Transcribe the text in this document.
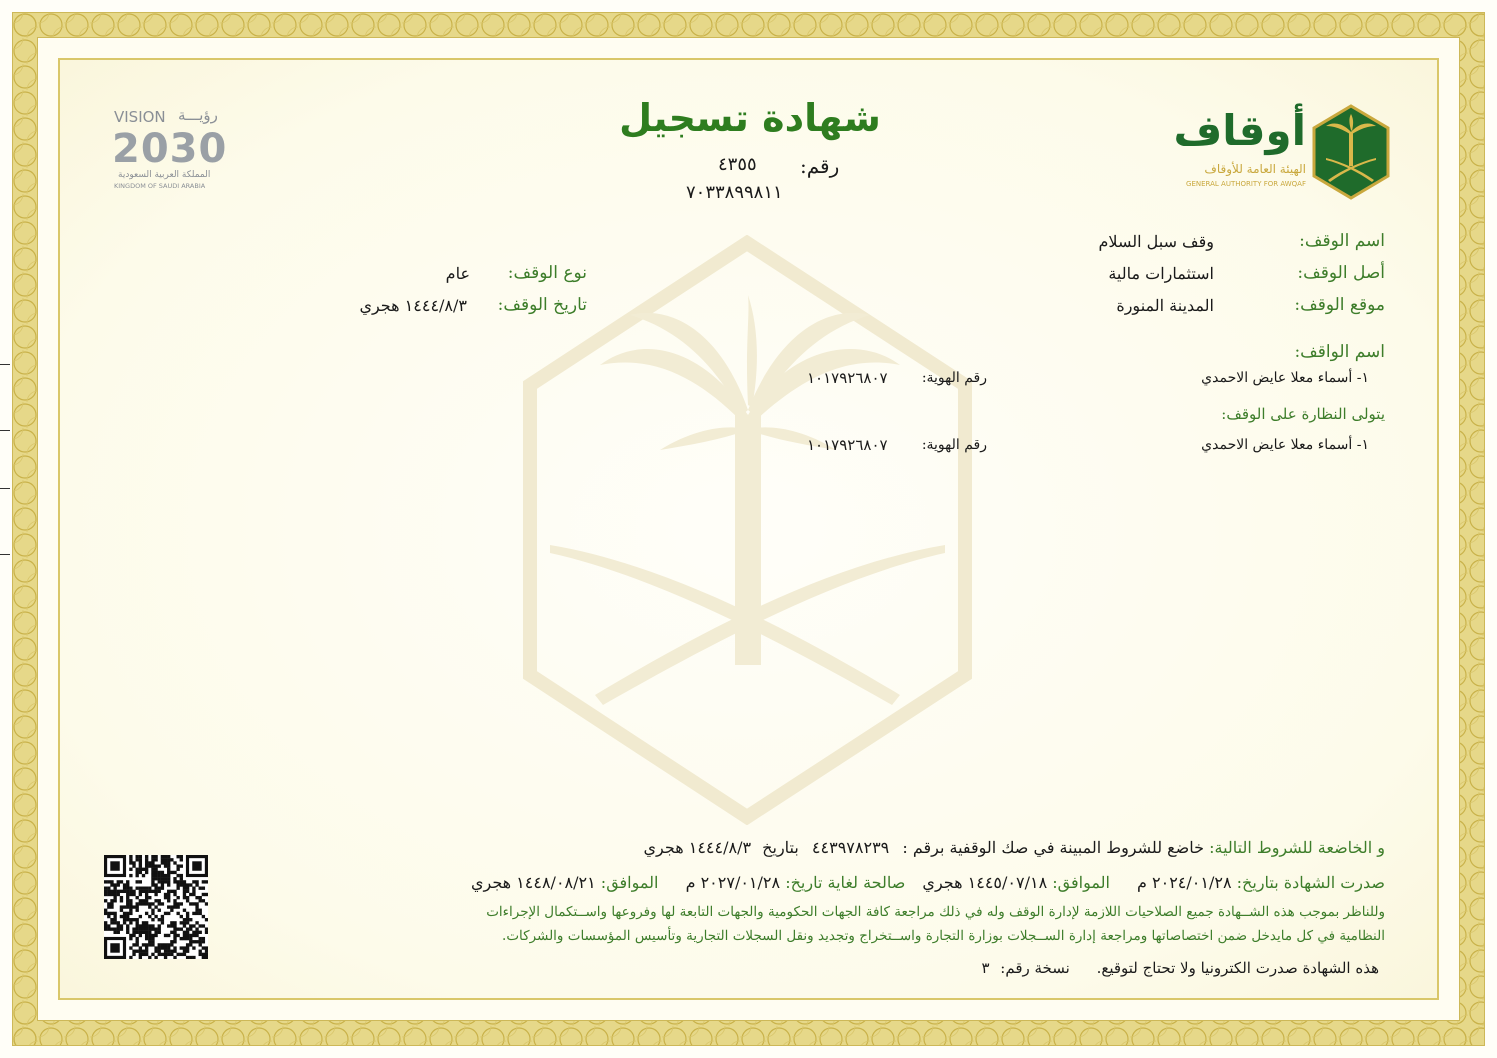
شهادة تسجيل
رقم:
٤٣٥٥
٧٠٣٣٨٩٩٨١١
أوقاف
الهيئة العامة للأوقاف
GENERAL AUTHORITY FOR AWQAF
VISION رؤيـــة
2030
المملكة العربية السعودية
KINGDOM OF SAUDI ARABIA
اسم الوقف:
وقف سبل السلام
أصل الوقف:
استثمارات مالية
موقع الوقف:
المدينة المنورة
نوع الوقف:
عام
تاريخ الوقف:
١٤٤٤/٨/٣ هجري
اسم الواقف:
١- أسماء معلا عايض الاحمدي
رقم الهوية:
١٠١٧٩٢٦٨٠٧
يتولى النظارة على الوقف:
١- أسماء معلا عايض الاحمدي
رقم الهوية:
١٠١٧٩٢٦٨٠٧
و الخاضعة للشروط التالية: خاضع للشروط المبينة في صك الوقفية برقم : ٤٤٣٩٧٨٢٣٩ بتاريخ ١٤٤٤/٨/٣ هجري
صدرت الشهادة بتاريخ: ٢٠٢٤/٠١/٢٨ م الموافق: ١٤٤٥/٠٧/١٨ هجري صالحة لغاية تاريخ: ٢٠٢٧/٠١/٢٨ م الموافق: ١٤٤٨/٠٨/٢١ هجري
وللناظر بموجب هذه الشــهادة جميع الصلاحيات اللازمة لإدارة الوقف وله في ذلك مراجعة كافة الجهات الحكومية والجهات التابعة لها وفروعها واســتكمال الإجراءات
النظامية في كل مايدخل ضمن اختصاصاتها ومراجعة إدارة الســجلات بوزارة التجارة واســتخراج وتجديد ونقل السجلات التجارية وتأسيس المؤسسات والشركات.
هذه الشهادة صدرت الكترونيا ولا تحتاج لتوقيع. نسخة رقم: ٣
